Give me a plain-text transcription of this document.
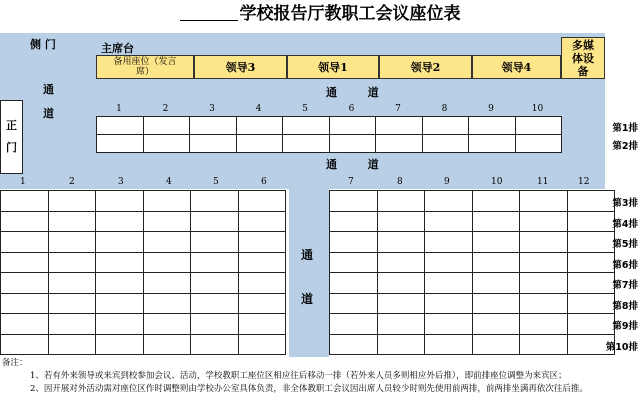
学校报告厅教职工会议座位表
侧 门	主席台
备用座位（发言席）	领导3	领导1	领导2	领导4
多媒体设备
通
道
通        道
正门
1	2	3	4	5	6	7	8	9	10

通        道
第1排
第2排
1	2	3	4	5	6	7	8	9	10	11	12

通
道
第3排
第4排
第5排
第6排
第7排
第8排
第9排
第10排
备注：
1、若有外来领导或来宾到校参加会议、活动，学校教职工座位区相应往后移动一排（若外来人员多则相应外后推），即前排座位调整为来宾区；
2、因开展对外活动需对座位区作时调整则由学校办公室具体负责，非全体教职工会议因出席人员较少时则先使用前两排，前两排坐满再依次往后推。
